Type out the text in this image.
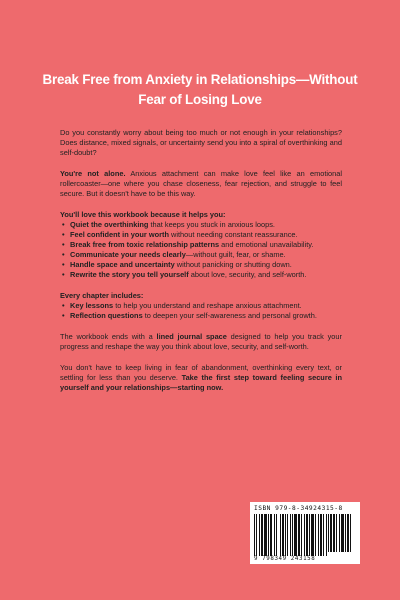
Break Free from Anxiety in Relationships—Without Fear of Losing Love

Do you constantly worry about being too much or not enough in your relationships? Does distance, mixed signals, or uncertainty send you into a spiral of overthinking and self-doubt?

You're not alone. Anxious attachment can make love feel like an emotional rollercoaster—one where you chase closeness, fear rejection, and struggle to feel secure. But it doesn't have to be this way.

You'll love this workbook because it helps you:
• Quiet the overthinking that keeps you stuck in anxious loops.
• Feel confident in your worth without needing constant reassurance.
• Break free from toxic relationship patterns and emotional unavailability.
• Communicate your needs clearly—without guilt, fear, or shame.
• Handle space and uncertainty without panicking or shutting down.
• Rewrite the story you tell yourself about love, security, and self-worth.
Every chapter includes:
• Key lessons to help you understand and reshape anxious attachment.
• Reflection questions to deepen your self-awareness and personal growth.

The workbook ends with a lined journal space designed to help you track your progress and reshape the way you think about love, security, and self-worth.

You don't have to keep living in fear of abandonment, overthinking every text, or settling for less than you deserve. Take the first step toward feeling secure in yourself and your relationships—starting now.

ISBN 979-8-34924315-8
9 798349 243158
